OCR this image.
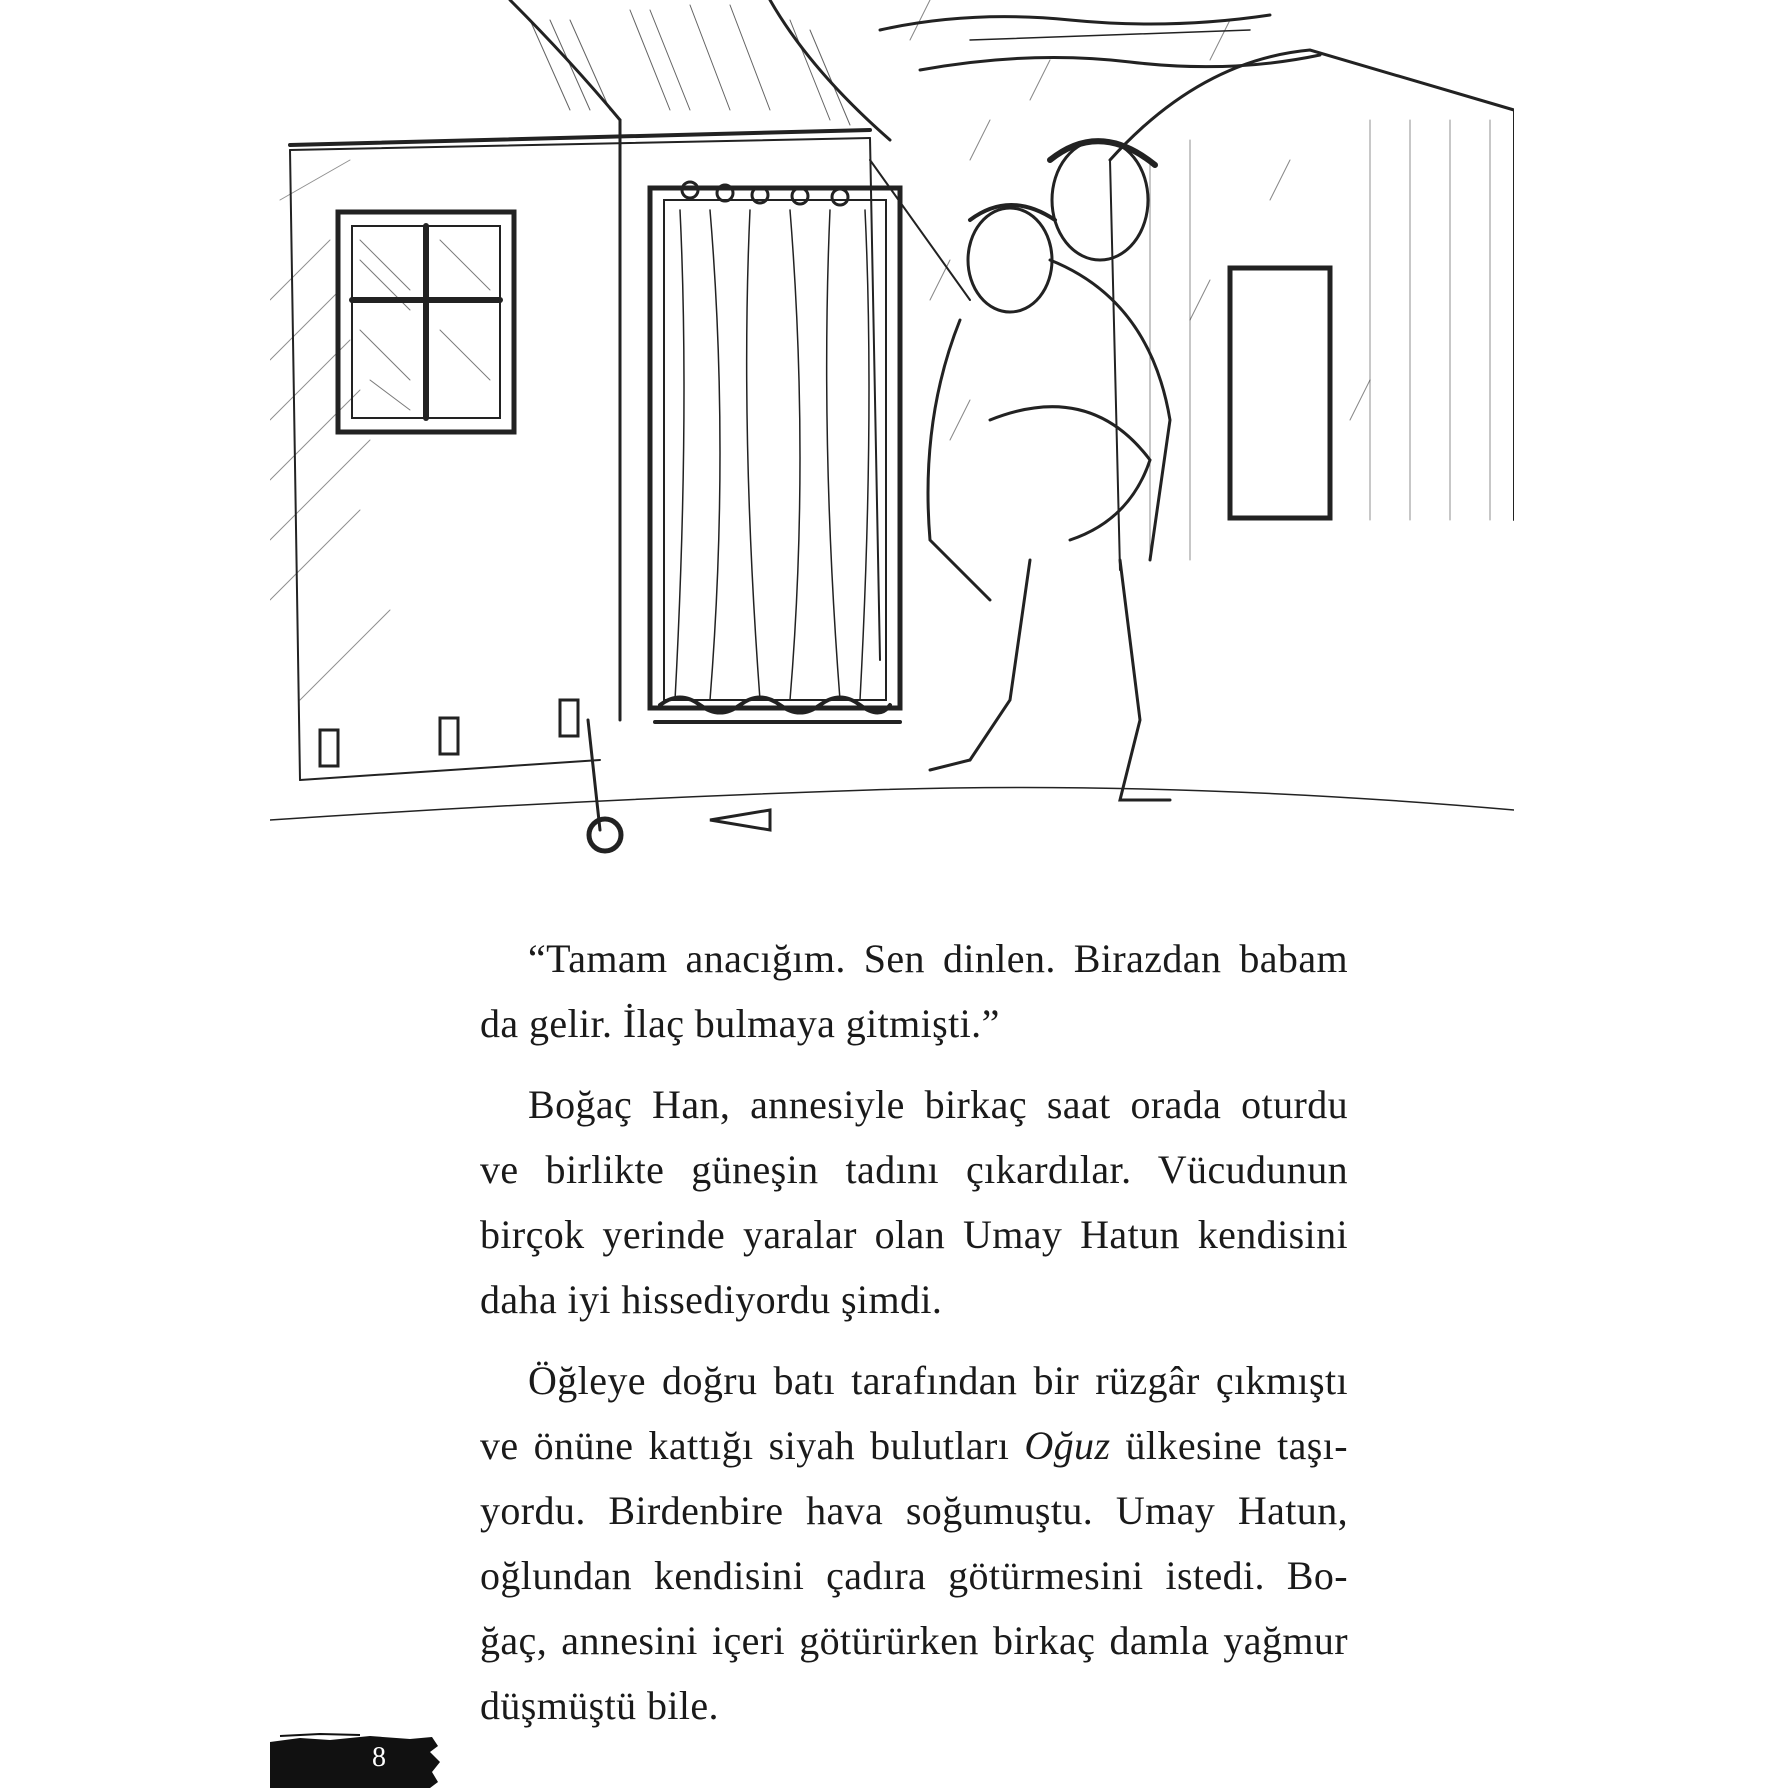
“Tamam anacığım. Sen dinlen. Birazdan babam
da gelir. İlaç bulmaya gitmişti.”

Boğaç Han, annesiyle birkaç saat orada oturdu
ve birlikte güneşin tadını çıkardılar. Vücudunun
birçok yerinde yaralar olan Umay Hatun kendisini
daha iyi hissediyordu şimdi.

Öğleye doğru batı tarafından bir rüzgâr çıkmıştı
ve önüne kattığı siyah bulutları Oğuz ülkesine taşı-
yordu. Birdenbire hava soğumuştu. Umay Hatun,
oğlundan kendisini çadıra götürmesini istedi. Bo-
ğaç, annesini içeri götürürken birkaç damla yağmur
düşmüştü bile.

8
